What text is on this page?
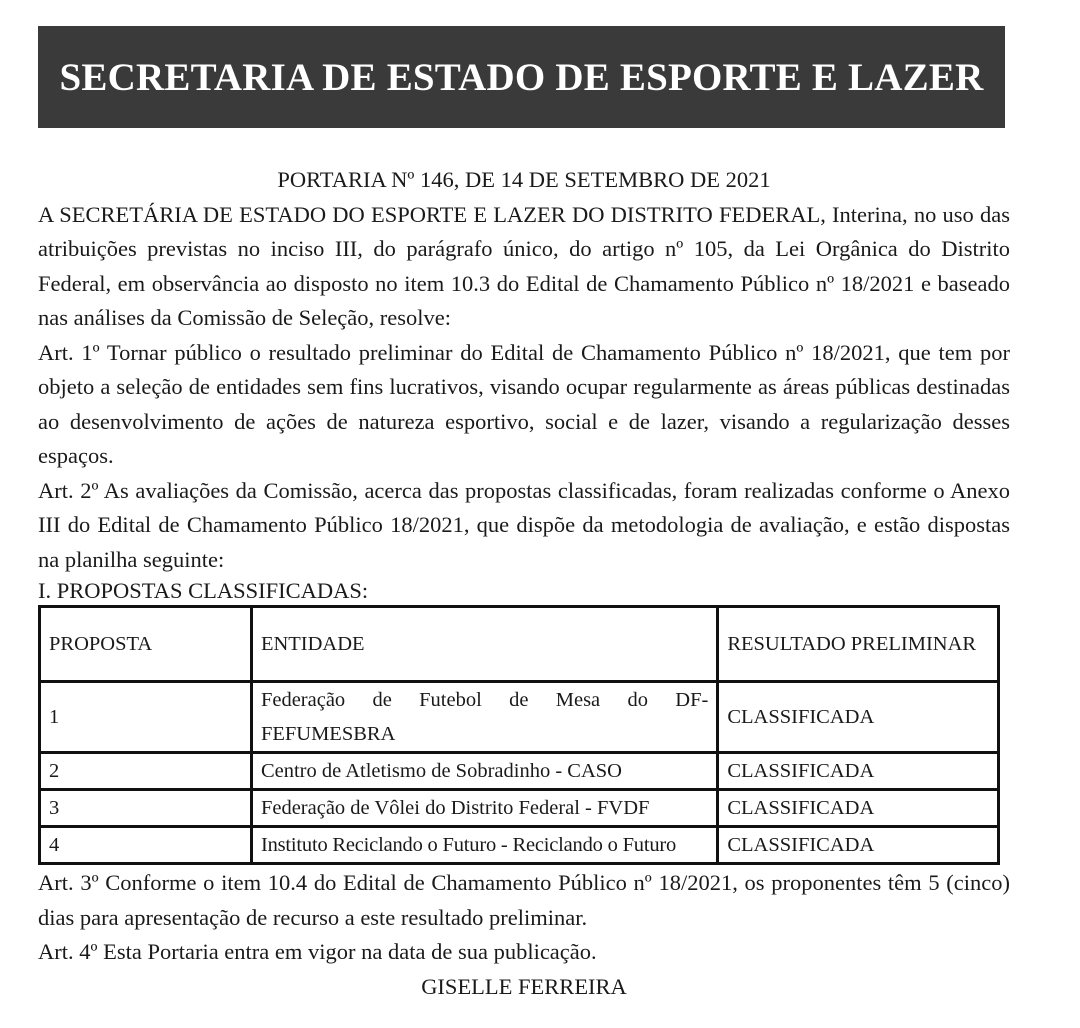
SECRETARIA DE ESTADO DE ESPORTE E LAZER
PORTARIA Nº 146, DE 14 DE SETEMBRO DE 2021

A SECRETÁRIA DE ESTADO DO ESPORTE E LAZER DO DISTRITO FEDERAL, Interina, no uso das atribuições previstas no inciso III, do parágrafo único, do artigo nº 105, da Lei Orgânica do Distrito Federal, em observância ao disposto no item 10.3 do Edital de Chamamento Público nº 18/2021 e baseado nas análises da Comissão de Seleção, resolve:

Art. 1º Tornar público o resultado preliminar do Edital de Chamamento Público nº 18/2021, que tem por objeto a seleção de entidades sem fins lucrativos, visando ocupar regularmente as áreas públicas destinadas ao desenvolvimento de ações de natureza esportivo, social e de lazer, visando a regularização desses espaços.

Art. 2º As avaliações da Comissão, acerca das propostas classificadas, foram realizadas conforme o Anexo III do Edital de Chamamento Público 18/2021, que dispõe da metodologia de avaliação, e estão dispostas na planilha seguinte:

I. PROPOSTAS CLASSIFICADAS:

PROPOSTA	ENTIDADE	RESULTADO PRELIMINAR
1	Federação de Futebol de Mesa do DF-FEFUMESBRA	CLASSIFICADA
2	Centro de Atletismo de Sobradinho - CASO	CLASSIFICADA
3	Federação de Vôlei do Distrito Federal - FVDF	CLASSIFICADA
4	Instituto Reciclando o Futuro - Reciclando o Futuro	CLASSIFICADA

Art. 3º Conforme o item 10.4 do Edital de Chamamento Público nº 18/2021, os proponentes têm 5 (cinco) dias para apresentação de recurso a este resultado preliminar.

Art. 4º Esta Portaria entra em vigor na data de sua publicação.

GISELLE FERREIRA
